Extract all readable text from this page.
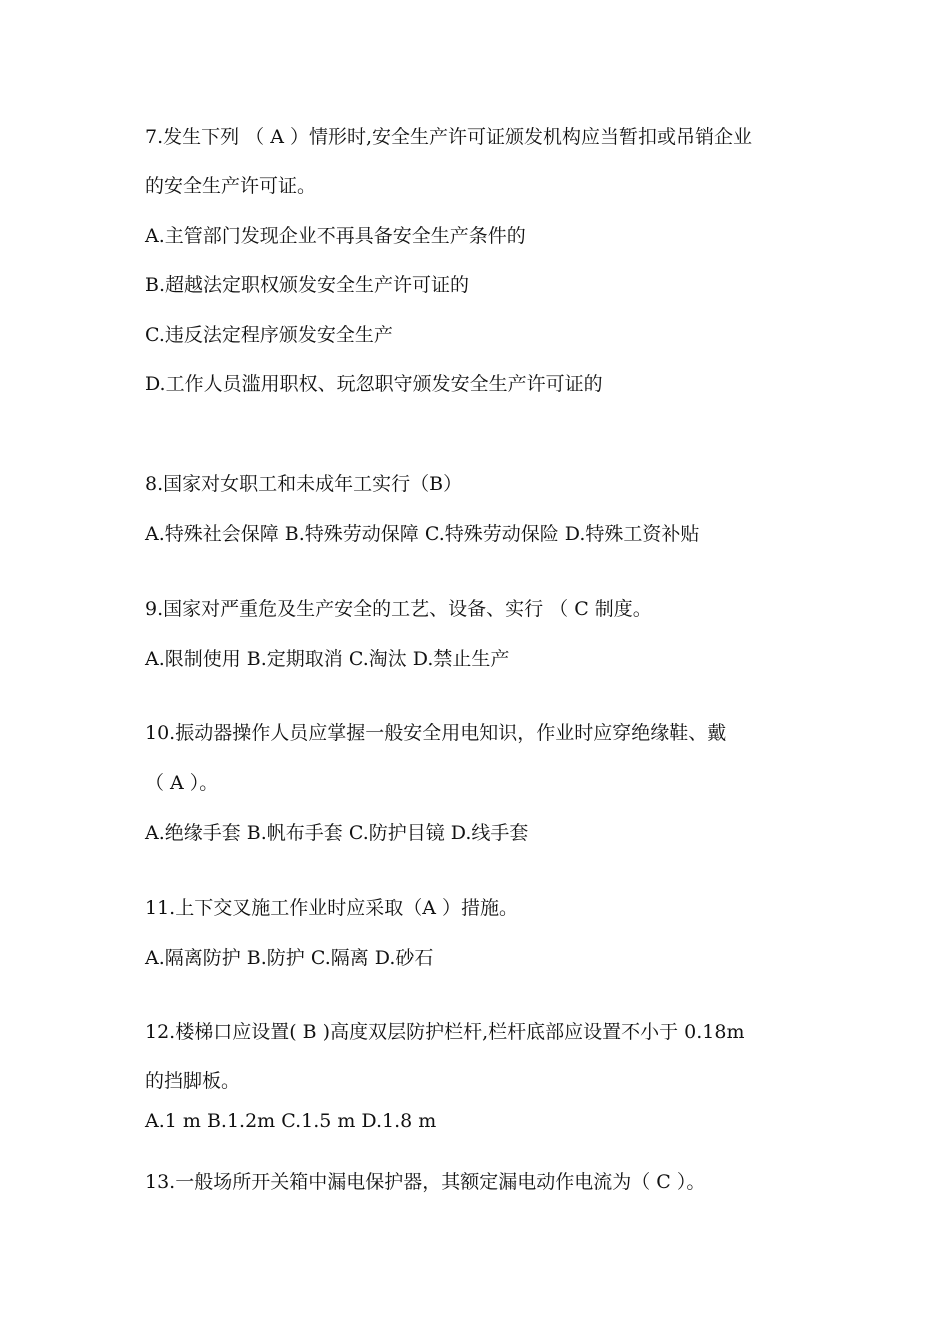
7.发生下列 （ A ）情形时,安全生产许可证颁发机构应当暂扣或吊销企业
的安全生产许可证。
A.主管部门发现企业不再具备安全生产条件的
B.超越法定职权颁发安全生产许可证的
C.违反法定程序颁发安全生产
D.工作人员滥用职权、玩忽职守颁发安全生产许可证的
8.国家对女职工和未成年工实行（B）
A.特殊社会保障 B.特殊劳动保障 C.特殊劳动保险 D.特殊工资补贴
9.国家对严重危及生产安全的工艺、设备、实行 （ C 制度。
A.限制使用 B.定期取消 C.淘汰 D.禁止生产
10.振动器操作人员应掌握一般安全用电知识，作业时应穿绝缘鞋、戴
（ A ）。
A.绝缘手套 B.帆布手套 C.防护目镜 D.线手套
11.上下交叉施工作业时应采取（A ）措施。
A.隔离防护 B.防护 C.隔离 D.砂石
12.楼梯口应设置( B )高度双层防护栏杆,栏杆底部应设置不小于 0.18m
的挡脚板。
A.1 m B.1.2m C.1.5 m D.1.8 m
13.一般场所开关箱中漏电保护器，其额定漏电动作电流为（ C ）。
